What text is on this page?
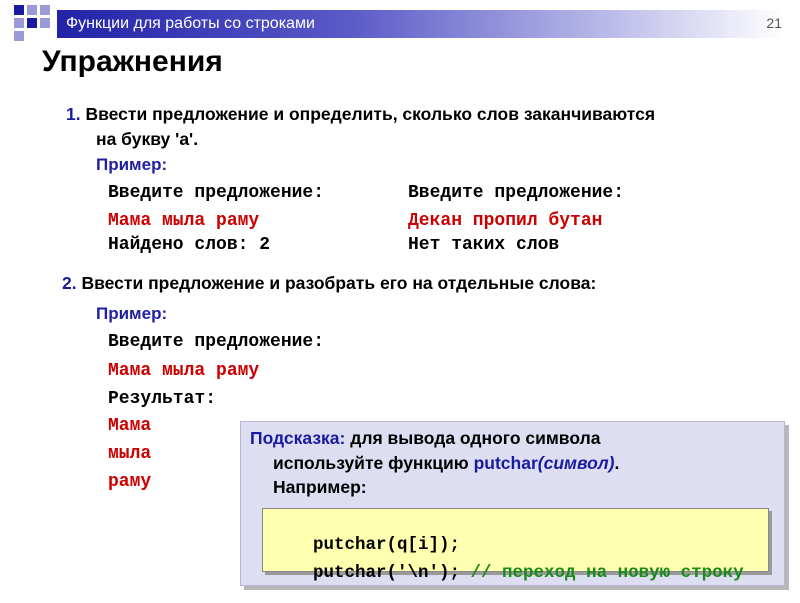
Функции для работы со строками	21
Упражнения
1. Ввести предложение и определить, сколько слов заканчиваются
на букву 'а'.
Пример:
Введите предложение:
Мама мыла раму
Найдено слов: 2
Введите предложение:
Декан пропил бутан
Нет таких слов
2. Ввести предложение и разобрать его на отдельные слова:
Пример:
Введите предложение:
Мама мыла раму
Результат:
Мама
мыла
раму
Подсказка: для вывода одного символа
используйте функцию putchar(символ).
Например:

putchar(q[i]);

putchar('\n'); // переход на новую строку
